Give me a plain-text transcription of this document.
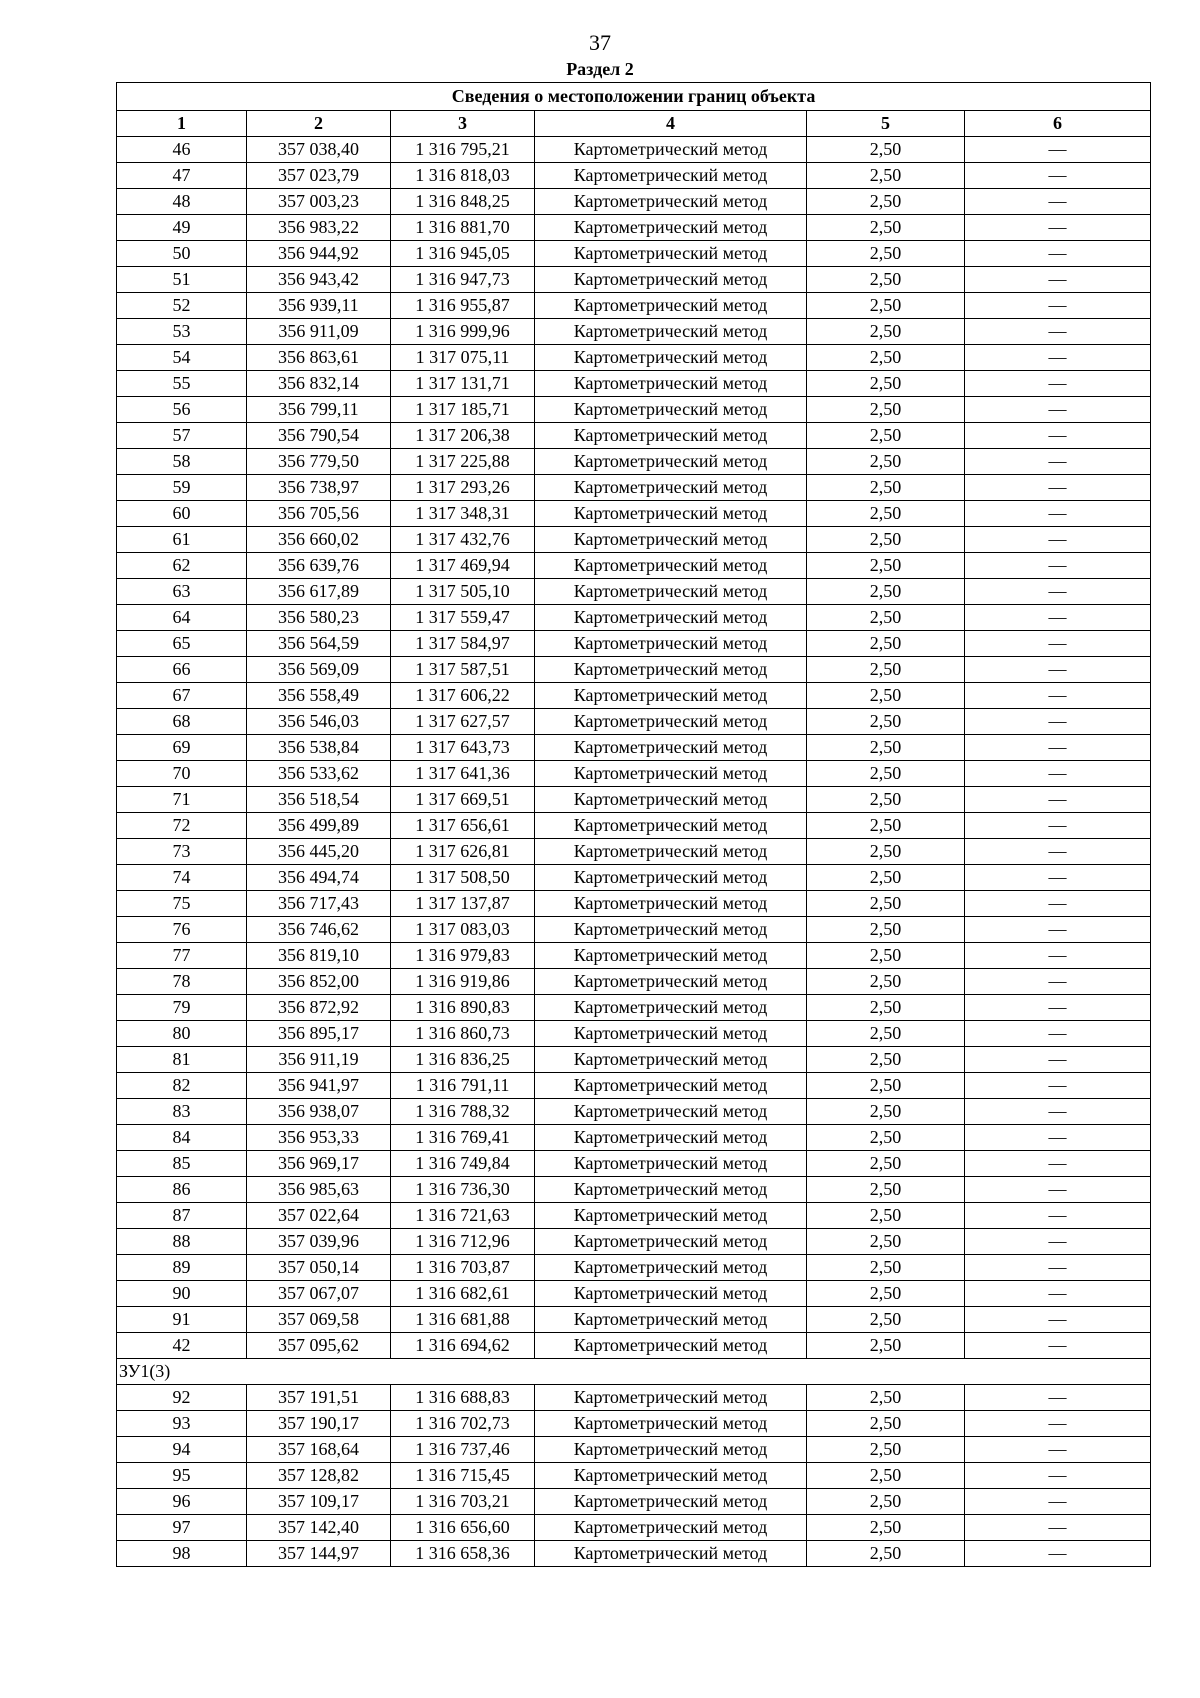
37
Раздел 2
Сведения о местоположении границ объекта					
1	2	3	4	5	6
46	357 038,40	1 316 795,21	Картометрический метод	2,50	—
47	357 023,79	1 316 818,03	Картометрический метод	2,50	—
48	357 003,23	1 316 848,25	Картометрический метод	2,50	—
49	356 983,22	1 316 881,70	Картометрический метод	2,50	—
50	356 944,92	1 316 945,05	Картометрический метод	2,50	—
51	356 943,42	1 316 947,73	Картометрический метод	2,50	—
52	356 939,11	1 316 955,87	Картометрический метод	2,50	—
53	356 911,09	1 316 999,96	Картометрический метод	2,50	—
54	356 863,61	1 317 075,11	Картометрический метод	2,50	—
55	356 832,14	1 317 131,71	Картометрический метод	2,50	—
56	356 799,11	1 317 185,71	Картометрический метод	2,50	—
57	356 790,54	1 317 206,38	Картометрический метод	2,50	—
58	356 779,50	1 317 225,88	Картометрический метод	2,50	—
59	356 738,97	1 317 293,26	Картометрический метод	2,50	—
60	356 705,56	1 317 348,31	Картометрический метод	2,50	—
61	356 660,02	1 317 432,76	Картометрический метод	2,50	—
62	356 639,76	1 317 469,94	Картометрический метод	2,50	—
63	356 617,89	1 317 505,10	Картометрический метод	2,50	—
64	356 580,23	1 317 559,47	Картометрический метод	2,50	—
65	356 564,59	1 317 584,97	Картометрический метод	2,50	—
66	356 569,09	1 317 587,51	Картометрический метод	2,50	—
67	356 558,49	1 317 606,22	Картометрический метод	2,50	—
68	356 546,03	1 317 627,57	Картометрический метод	2,50	—
69	356 538,84	1 317 643,73	Картометрический метод	2,50	—
70	356 533,62	1 317 641,36	Картометрический метод	2,50	—
71	356 518,54	1 317 669,51	Картометрический метод	2,50	—
72	356 499,89	1 317 656,61	Картометрический метод	2,50	—
73	356 445,20	1 317 626,81	Картометрический метод	2,50	—
74	356 494,74	1 317 508,50	Картометрический метод	2,50	—
75	356 717,43	1 317 137,87	Картометрический метод	2,50	—
76	356 746,62	1 317 083,03	Картометрический метод	2,50	—
77	356 819,10	1 316 979,83	Картометрический метод	2,50	—
78	356 852,00	1 316 919,86	Картометрический метод	2,50	—
79	356 872,92	1 316 890,83	Картометрический метод	2,50	—
80	356 895,17	1 316 860,73	Картометрический метод	2,50	—
81	356 911,19	1 316 836,25	Картометрический метод	2,50	—
82	356 941,97	1 316 791,11	Картометрический метод	2,50	—
83	356 938,07	1 316 788,32	Картометрический метод	2,50	—
84	356 953,33	1 316 769,41	Картометрический метод	2,50	—
85	356 969,17	1 316 749,84	Картометрический метод	2,50	—
86	356 985,63	1 316 736,30	Картометрический метод	2,50	—
87	357 022,64	1 316 721,63	Картометрический метод	2,50	—
88	357 039,96	1 316 712,96	Картометрический метод	2,50	—
89	357 050,14	1 316 703,87	Картометрический метод	2,50	—
90	357 067,07	1 316 682,61	Картометрический метод	2,50	—
91	357 069,58	1 316 681,88	Картометрический метод	2,50	—
42	357 095,62	1 316 694,62	Картометрический метод	2,50	—
ЗУ1(3)					
92	357 191,51	1 316 688,83	Картометрический метод	2,50	—
93	357 190,17	1 316 702,73	Картометрический метод	2,50	—
94	357 168,64	1 316 737,46	Картометрический метод	2,50	—
95	357 128,82	1 316 715,45	Картометрический метод	2,50	—
96	357 109,17	1 316 703,21	Картометрический метод	2,50	—
97	357 142,40	1 316 656,60	Картометрический метод	2,50	—
98	357 144,97	1 316 658,36	Картометрический метод	2,50	—
